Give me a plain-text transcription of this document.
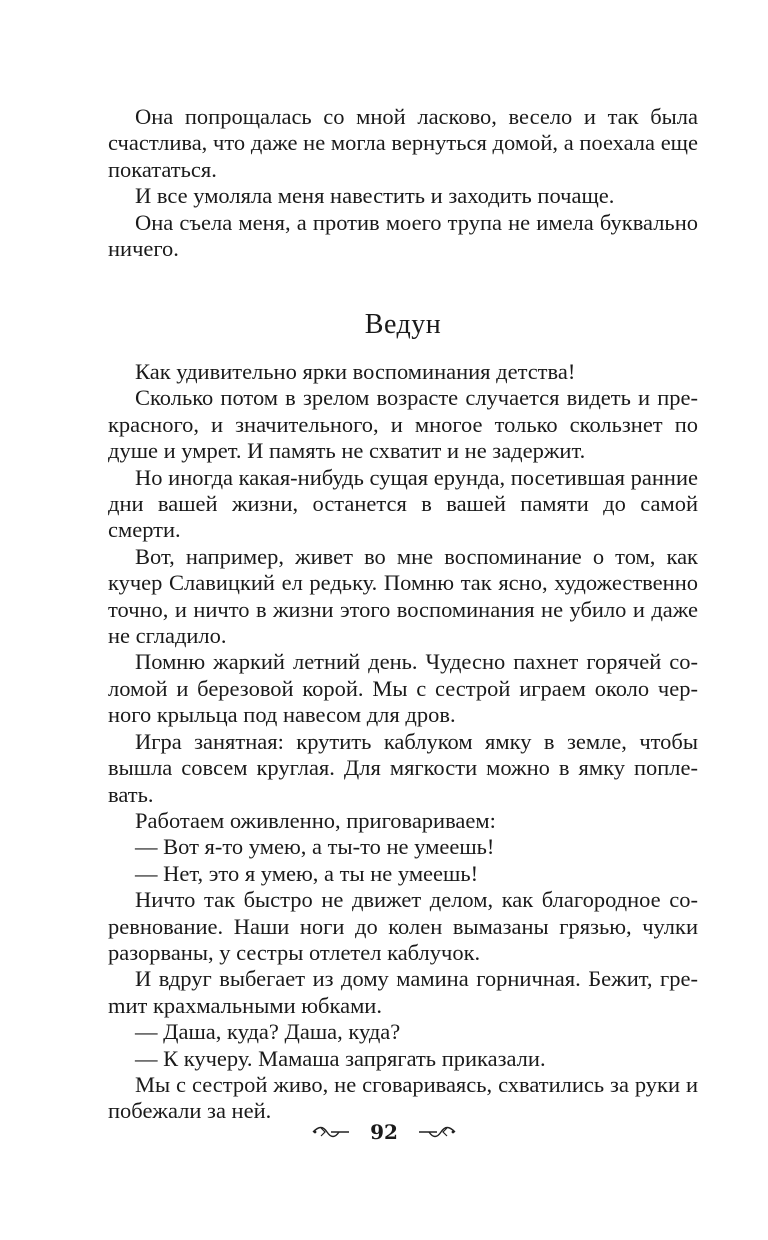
Она попрощалась со мной ласково, весело и так была счастлива, что даже не могла вернуться домой, а поехала еще покататься.

И все умоляла меня навестить и заходить почаще.

Она съела меня, а против моего трупа не имела буквально ничего.

Ведун

Как удивительно ярки воспоминания детства!

Сколько потом в зрелом возрасте случается видеть и прекрасного, и значительного, и многое только скользнет по душе и умрет. И память не схватит и не задержит.

Но иногда какая-нибудь сущая ерунда, посетившая ранние дни вашей жизни, останется в вашей памяти до самой смерти.

Вот, например, живет во мне воспоминание о том, как кучер Славицкий ел редьку. Помню так ясно, художественно точно, и ничто в жизни этого воспоминания не убило и даже не сгладило.

Помню жаркий летний день. Чудесно пахнет горячей соломой и березовой корой. Мы с сестрой играем около черного крыльца под навесом для дров.

Игра занятная: крутить каблуком ямку в земле, чтобы вышла совсем круглая. Для мягкости можно в ямку поплевать.

Работаем оживленно, приговариваем:

— Вот я-то умею, а ты-то не умеешь!

— Нет, это я умею, а ты не умеешь!

Ничто так быстро не движет делом, как благородное соревнование. Наши ноги до колен вымазаны грязью, чулки разорваны, у сестры отлетел каблучок.

И вдруг выбегает из дому мамина горничная. Бежит, греmит крахмальными юбками.

— Даша, куда? Даша, куда?

— К кучеру. Мамаша запрягать приказали.

Мы с сестрой живо, не сговариваясь, схватились за руки и побежали за ней.

92
